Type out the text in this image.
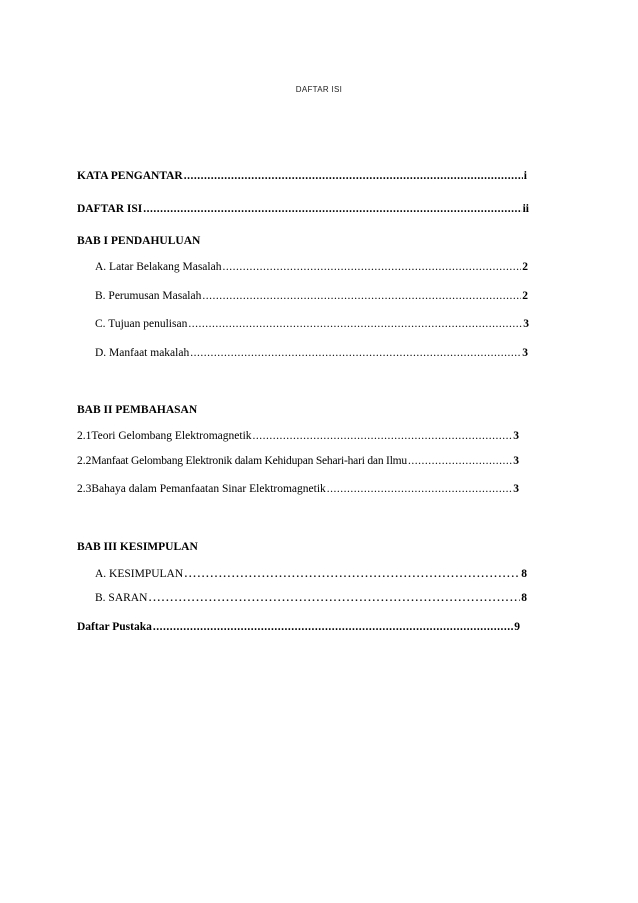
DAFTAR ISI
KATA PENGANTAR .....	i
DAFTAR ISI .....	ii
BAB I PENDAHULUAN
A. Latar Belakang Masalah .....	2
B. Perumusan Masalah .....	2
C. Tujuan penulisan .....	3
D. Manfaat makalah .....	3
BAB II PEMBAHASAN
2.1 Teori Gelombang Elektromagnetik .....	3
2.2 Manfaat Gelombang Elektronik dalam Kehidupan Sehari-hari dan Ilmu .....	3
2.3 Bahaya dalam Pemanfaatan Sinar Elektromagnetik .....	3
BAB III KESIMPULAN
A. KESIMPULAN .....	8
B. SARAN .....	8
Daftar Pustaka .....	9
